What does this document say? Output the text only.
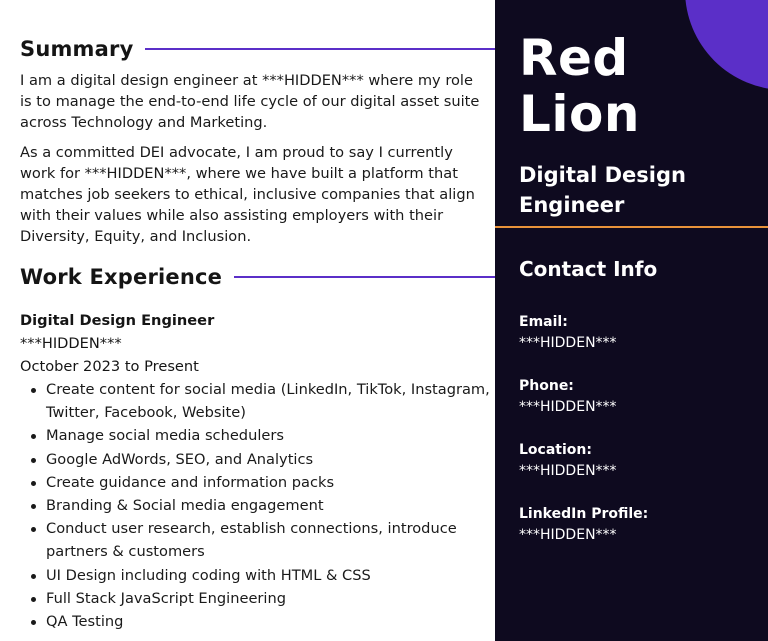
Summary

I am a digital design engineer at ***HIDDEN*** where my role is to manage the end-to-end life cycle of our digital asset suite across Technology and Marketing.

As a committed DEI advocate, I am proud to say I currently work for ***HIDDEN***, where we have built a platform that matches job seekers to ethical, inclusive companies that align with their values while also assisting employers with their Diversity, Equity, and Inclusion.

Work Experience
Digital Design Engineer
***HIDDEN***
October 2023 to Present
Create content for social media (LinkedIn, TikTok, Instagram, Twitter, Facebook, Website)
Manage social media schedulers
Google AdWords, SEO, and Analytics
Create guidance and information packs
Branding & Social media engagement
Conduct user research, establish connections, introduce partners & customers
UI Design including coding with HTML & CSS
Full Stack JavaScript Engineering
QA Testing
Red
Lion
Digital Design
Engineer
Contact Info
Email:
***HIDDEN***
Phone:
***HIDDEN***
Location:
***HIDDEN***
LinkedIn Profile:
***HIDDEN***
